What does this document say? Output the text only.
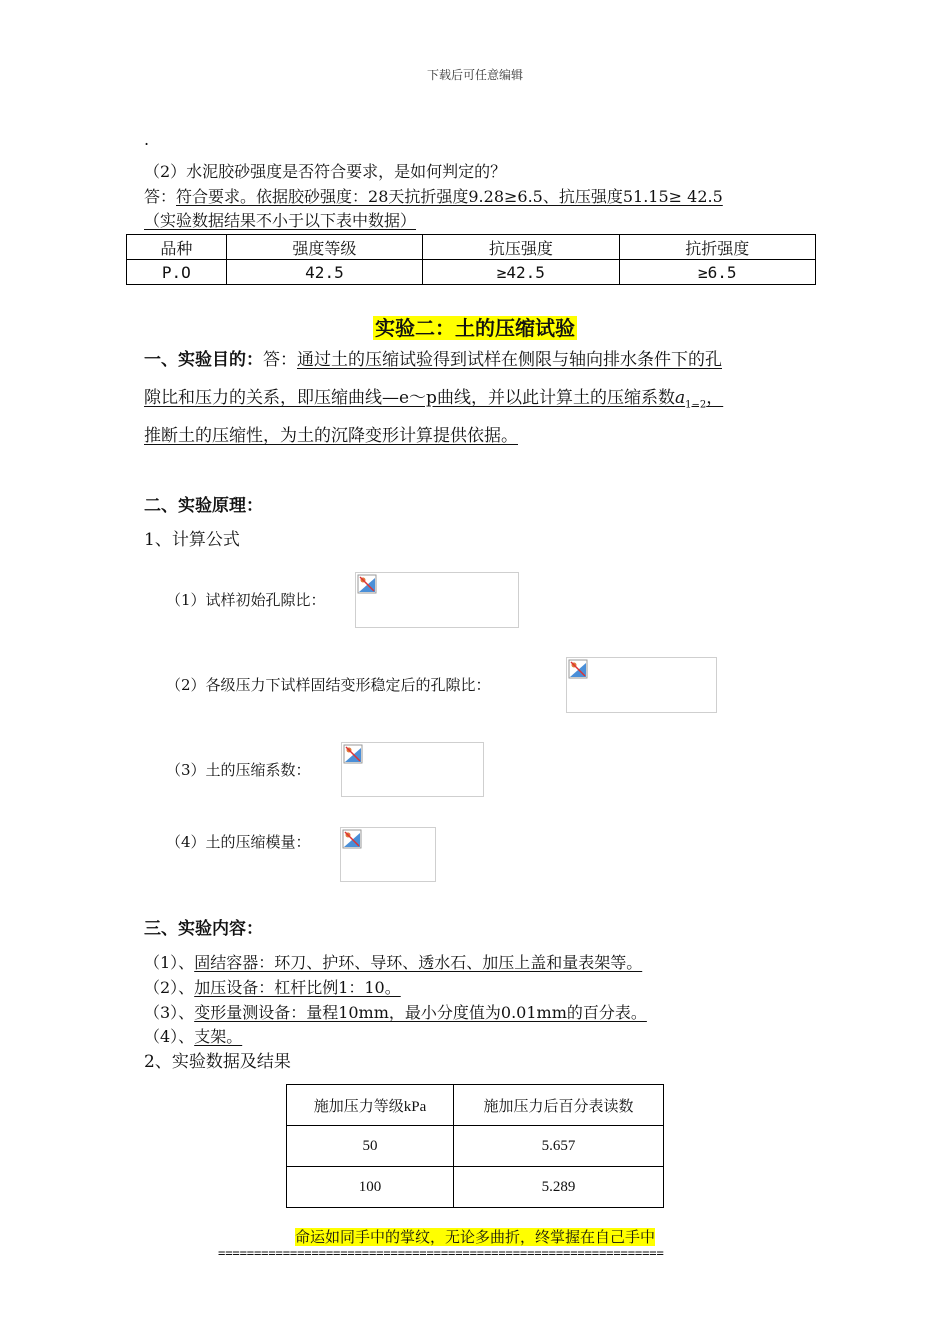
下载后可任意编辑
.
（2）水泥胶砂强度是否符合要求，是如何判定的？
答：符合要求。依据胶砂强度：28天抗折强度9.28≥6.5、抗压强度51.15≥ 42.5
（实验数据结果不小于以下表中数据）
品种	强度等级	抗压强度	抗折强度
P.O	42.5	≥42.5	≥6.5
实验二：土的压缩试验
一、实验目的：答：通过土的压缩试验得到试样在侧限与轴向排水条件下的孔
隙比和压力的关系，即压缩曲线—e～p曲线，并以此计算土的压缩系数$a_{1-2}$，
推断土的压缩性，为土的沉降变形计算提供依据。
二、实验原理：
1、计算公式
（1）试样初始孔隙比：
（2）各级压力下试样固结变形稳定后的孔隙比：
（3）土的压缩系数：
（4）土的压缩模量：
三、实验内容：
（1）、固结容器：环刀、护环、导环、透水石、加压上盖和量表架等。
（2）、加压设备：杠杆比例1：10。
（3）、变形量测设备：量程10mm，最小分度值为0.01mm的百分表。
（4）、支架。
2、实验数据及结果
施加压力等级kPa	施加压力后百分表读数
50	5.657
100	5.289
命运如同手中的掌纹，无论多曲折，终掌握在自己手中
==============================================================
